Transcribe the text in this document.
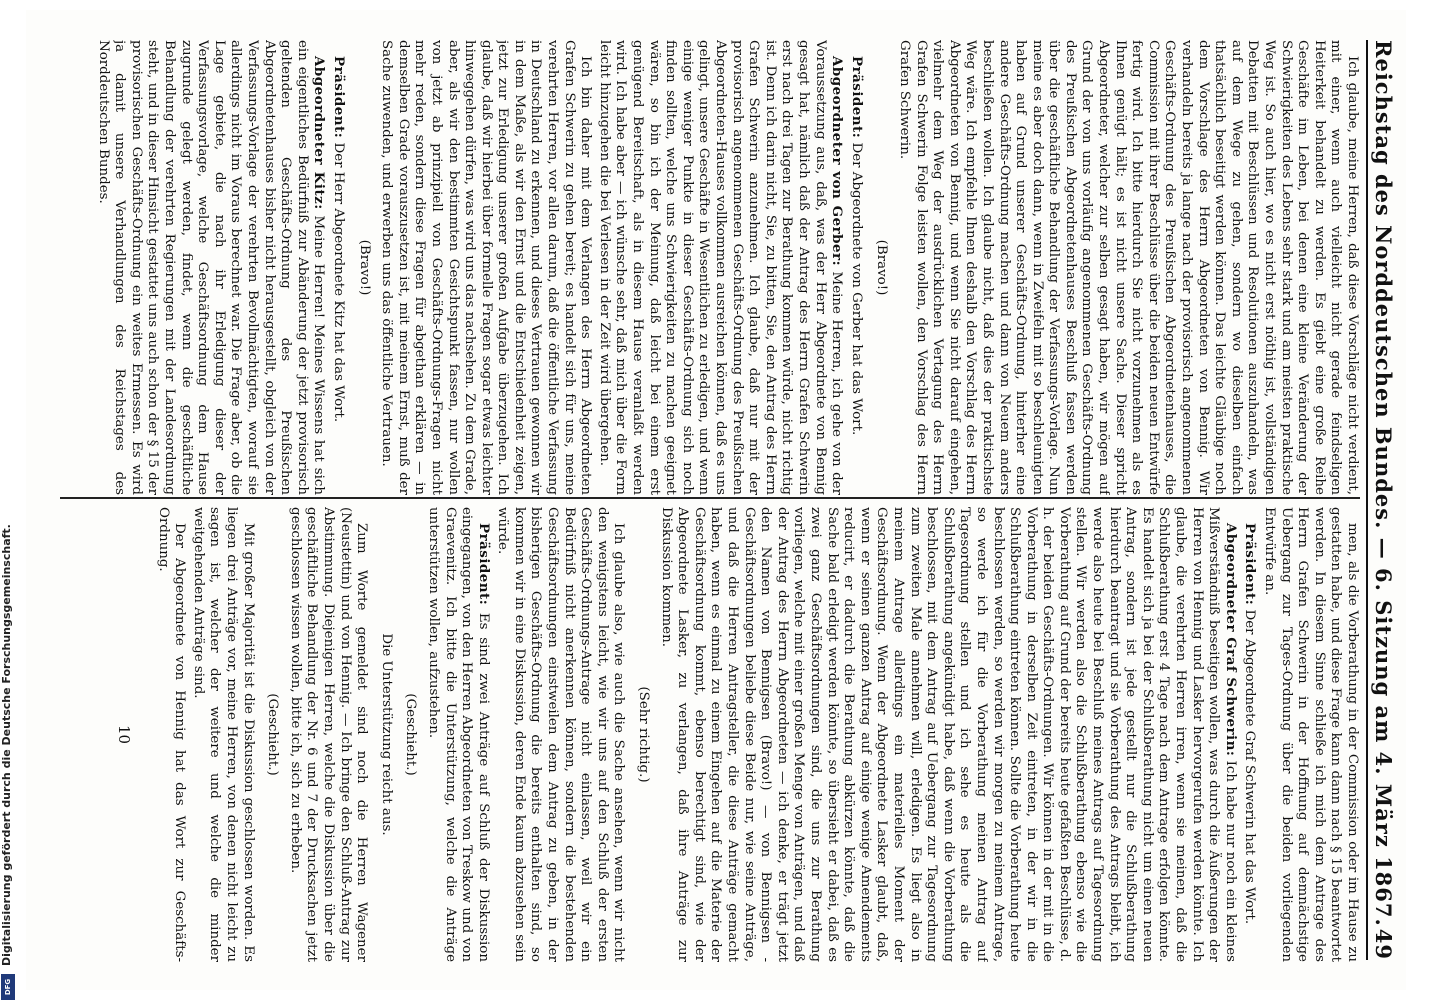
Reichstag des Norddeutschen Bundes. — 6. Sitzung am 4. März 1867.
49

men, als die Vorberathung in der Commission oder im Hause zu gestatten habe, und diese Frage kann dann nach § 15 beantwortet werden. In diesem Sinne schließe ich mich dem Antrage des Herrn Grafen Schwerin in der Hoffnung auf demnächstige Uebergang zur Tages-Ordnung über die beiden vorliegenden Entwürfe an.

Präsident: Der Abgeordnete Graf Schwerin hat das Wort.

Abgeordneter Graf Schwerin: Ich habe nur noch ein kleines Mißverständniß beseitigen wollen, was durch die Äußerungen der Herren von Hennig und Lasker hervorgerufen werden könnte. Ich glaube, die verehrten Herren irren, wenn sie meinen, daß die Schlußberathung erst 4 Tage nach dem Antrage erfolgen könnte. Es handelt sich ja bei der Schlußberathung nicht um einen neuen Antrag, sondern ist jede gestellt nur die Schlußberathung hierdurch beantragt und sie Vorberathung des Antrags bleibt, ich werde also heute bei Beschluß meines Antrags auf Tagesordnung stellen. Wir werden also die Schlußberathung ebenso wie die Vorberathung auf Grund der bereits heute gefaßten Beschlüsse, d. h. der beiden Geschäfts-Ordnungen. Wir können in der mit in die Vorberathung in derselben Zeit eintreten, in der wir in die Schlußberathung eintreten können. Sollte die Vorberathung heute beschlossen werden, so werden wir morgen zu meinem Antrage, so werde ich für die Vorberathung meinen Antrag auf Tagesordnung stellen und ich sehe es heute als die Schlußberathung angekündigt habe, daß wenn die Vorberathung beschlossen, mit dem Antrag auf Uebergang zur Tagesordnung zum zweiten Male annehmen will, erledigen. Es liegt also in meinem Antrage allerdings ein materielles Moment der Geschäftsordnung. Wenn der Abgeordnete Lasker glaubt, daß, wenn er seinen ganzen Antrag auf einige wenige Amendements reducirt, er dadurch die Berathung abkürzen könnte, daß die Sache bald erledigt werden könnte, so übersieht er dabei, daß es zwei ganz Geschäftsordnungen sind, die uns zur Berathung vorliegen, welche mit einer großen Menge von Anträgen, und daß der Antrag des Herrn Abgeordneten — ich denke, er trägt jetzt den Namen von Bennigsen (Bravo!) — von Bennigsen - Geschäftsordnungen beliebe diese Beide nur, wie seine Anträge, und daß die Herren Antragsteller, die diese Anträge gemacht haben, wenn es einmal zu einem Eingehen auf die Materie der Geschäftsordnung kommt, ebenso berechtigt sind, wie der Abgeordnete Lasker, zu verlangen, daß ihre Anträge zur Diskussion kommen.

(Sehr richtig.)

Ich glaube also, wie auch die Sache ansehen, wenn wir nicht den wenigstens leicht, wie wir uns auf den Schluß der ersten Geschäfts-Ordnungs-Antrage nicht einlassen, weil wir ein Bedürfniß nicht anerkennen können, sondern die bestehenden Geschäftsordnungen einstweilen dem Antrag zu geben, in der bisherigen Geschäfts-Ordnung die bereits enthalten sind, so kommen wir in eine Diskussion, deren Ende kaum abzusehen sein würde.

Präsident: Es sind zwei Anträge auf Schluß der Diskussion eingegangen, von den Herren Abgeordneten von Treskow und von Graevenitz. Ich bitte die Unterstützung, welche die Anträge unterstützen wollen, aufzustehen.

(Geschieht.)

Die Unterstützung reicht aus.

Zum Worte gemeldet sind noch die Herren Wagener (Neustettin) und von Hennig. — Ich bringe den Schluß-Antrag zur Abstimmung. Diejenigen Herren, welche die Diskussion über die geschäftliche Behandlung der Nr. 6 und 7 der Drucksachen jetzt geschlossen wissen wollen, bitte ich, sich zu erheben.

(Geschieht.)

Mit großer Majorität ist die Diskussion geschlossen worden. Es liegen drei Anträge vor, meine Herren, von denen nicht leicht zu sagen ist, welcher der weitere und welche die minder weitgehenden Anträge sind.

Der Abgeordnete von Hennig hat das Wort zur Geschäfts-Ordnung.

10

Ich glaube, meine Herren, daß diese Vorschläge nicht verdient, mit einer, wenn auch vielleicht nicht gerade feindseligen Heiterkeit behandelt zu werden. Es giebt eine große Reihe Geschäfte im Leben, bei denen eine kleine Veränderung der Schwierigkeiten des Lebens sehr stark und am meisten praktische Weg ist. So auch hier, wo es nicht erst nöthig ist, vollständigen Debatten mit Beschlüssen und Resolutionen auszuhandeln, was auf dem Wege zu gehen, sondern wo dieselben einfach thatsächlich beseitigt werden können. Das leichte Gläubige noch dem Vorschlage des Herrn Abgeordneten von Bennig. Wir verhandeln bereits ja lange nach der provisorisch angenommenen Geschäfts-Ordnung des Preußischen Abgeordnetenhauses, die Commission mit ihrer Beschlüsse über die beiden neuen Entwürfe fertig wird. Ich bitte hierdurch Sie nicht vorzunehmen als es Ihnen genügt hält; es ist nicht unsere Sache. Dieser spricht Abgeordneter, welcher zur selben gesagt haben, wir mögen auf Grund der von uns vorläufig angenommenen Geschäfts-Ordnung des Preußischen Abgeordnetenhauses Beschluß fassen werden über die geschäftliche Behandlung der Verfassungs-Vorlage. Nun meine es aber doch dann, wenn in Zweifeln mit so beschleunigten haben auf Grund unserer Geschäfts-Ordnung, hinterher eine andere Geschäfts-Ordnung machen und dann von Neuem anders beschließen wollen. Ich glaube nicht, daß dies der praktischste Weg wäre. Ich empfehle Ihnen deshalb den Vorschlag des Herrn Abgeordneten von Bennig, und wenn Sie nicht darauf eingehen, vielmehr dem Weg der ausdrücklichen Vertagung des Herrn Grafen Schwerin Folge leisten wollen, den Vorschlag des Herrn Grafen Schwerin.

(Bravo!)

Präsident: Der Abgeordnete von Gerber hat das Wort.

Abgeordneter von Gerber: Meine Herren, ich gehe von der Voraussetzung aus, daß, was der Herr Abgeordnete von Bennig gesagt hat, nämlich daß der Antrag des Herrn Grafen Schwerin erst nach drei Tagen zur Berathung kommen würde, nicht richtig ist. Denn ich darin nicht, Sie, zu bitten, Sie, den Antrag des Herrn Grafen Schwerin anzunehmen. Ich glaube, daß nur mit der provisorisch angenommenen Geschäfts-Ordnung des Preußischen Abgeordneten-Hauses vollkommen ausreichen können, daß es uns gelingt, unsere Geschäfte in Wesentlichen zu erledigen, und wenn einige weniger Punkte in dieser Geschäfts-Ordnung sich noch finden sollten, welche uns Schwierigkeiten zu machen geeignet wären, so bin ich der Meinung, daß leicht bei einem erst genügend Bereitschaft, als in diesem Hause veranlaßt werden wird. Ich habe aber — ich wünsche sehr, daß mich über die Form leicht hinzugehen die bei Verlesen in der Zeit wird übergehen.

Ich bin daher mit dem Verlangen des Herrn Abgeordneten Grafen Schwerin zu gehen bereit; es handelt sich für uns, meine verehrten Herren, vor allen darum, daß die öffentliche Verfassung in Deutschland zu erkennen, und dieses Vertrauen gewonnen wir in dem Maße, als wir den Ernst und die Entschiedenheit zeigen, jetzt zur Erledigung unserer großen Aufgabe überzugehen. Ich glaube, daß wir hierbei über formelle Fragen sogar etwas leichter hinweggehen dürfen, was wird uns das nachsehen. Zu dem Grade, aber, als wir den bestimmten Gesichtspunkt fassen, nur wollen von jetzt ab prinzipiell von Geschäfts-Ordnungs-Fragen nicht mehr reden, sondern diese Fragen für abgethan erklären — in demselben Grade vorauszusetzen ist, mit meinem Ernst, muß der Sache zuwenden, und erwerben uns das öffentliche Vertrauen.

(Bravo!)

Präsident: Der Herr Abgeordnete Kitz hat das Wort.

Abgeordneter Kitz: Meine Herren! Meines Wissens hat sich ein eigentliches Bedürfniß zur Abänderung der jetzt provisorisch geltenden Geschäfts-Ordnung des Preußischen Abgeordnetenhauses bisher nicht herausgestellt, obgleich von der Verfassungs-Vorlage der verehrten Bevollmächtigten, worauf sie allerdings nicht im Voraus berechnet war. Die Frage aber, ob die Lage gebiete, die nach ihr Erledigung dieser der Verfassungsvorlage, welche Geschäftsordnung dem Hause zugrunde gelegt werden, findet, wenn die geschäftliche Behandlung der verehrten Regierungen mit der Landesordnung steht, und in dieser Hinsicht gestattet uns auch schon der § 15 der provisorischen Geschäfts-Ordnung ein weites Ermessen. Es wird ja damit unsere Verhandlungen des Reichstages des Norddeutschen Bundes.

Digitalisierung gefördert durch die Deutsche Forschungsgemeinschaft.
DFG
